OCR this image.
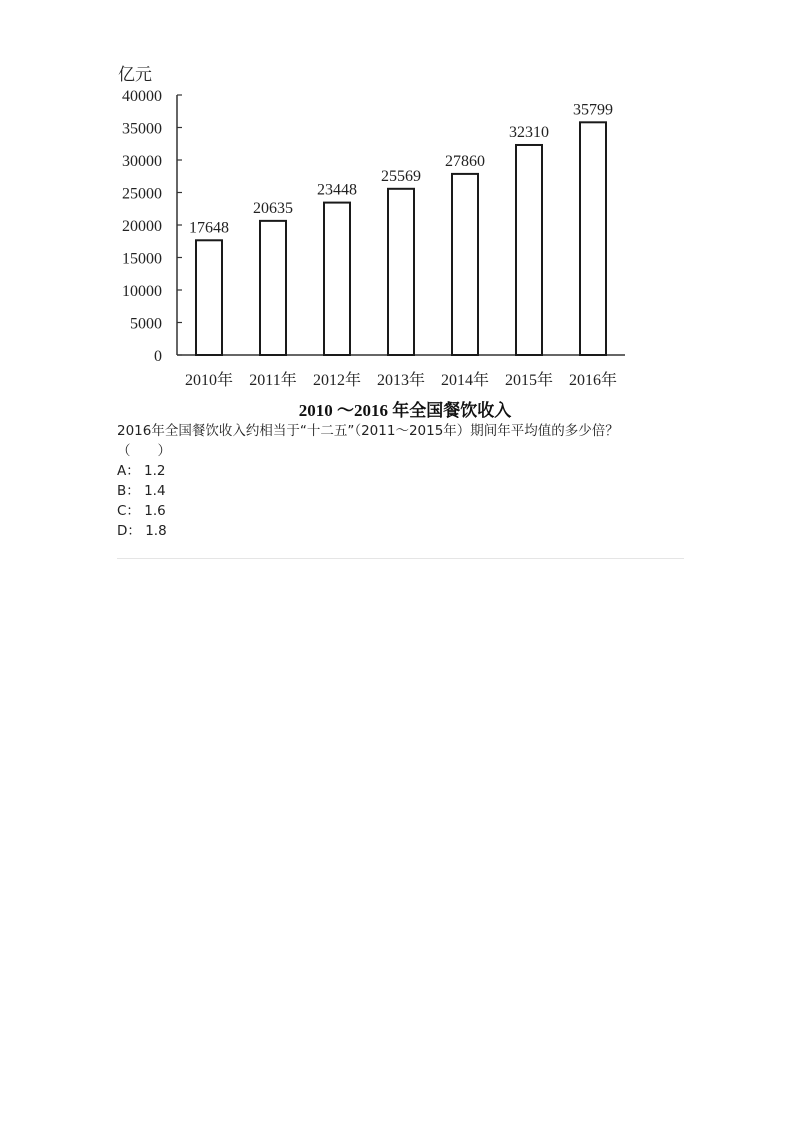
亿元
0
5000
10000
15000
20000
25000
30000
35000
40000
17648
20635
23448
25569
27860
32310
35799
2010年 2011年 2012年 2013年 2014年 2015年 2016年
2010 ～2016 年全国餐饮收入
2016年全国餐饮收入约相当于“十二五”（2011～2015年）期间年平均值的多少倍？
（　　）
A： 1.2
B： 1.4
C： 1.6
D： 1.8
